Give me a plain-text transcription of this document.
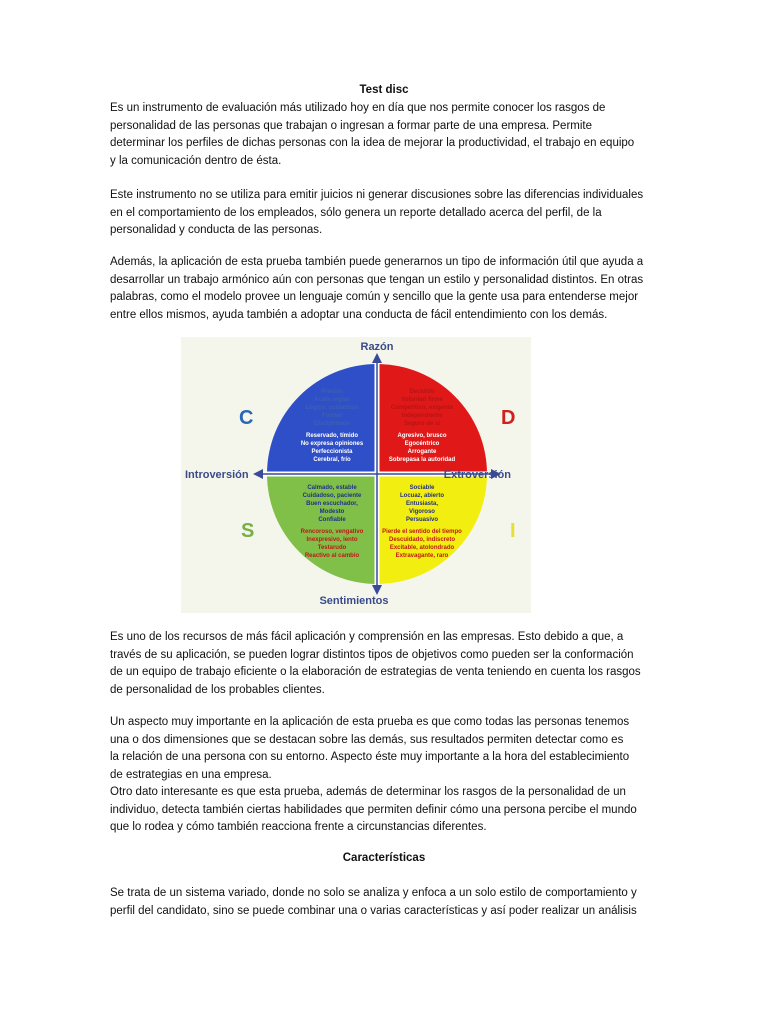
Test disc

Es un instrumento de evaluación más utilizado hoy en día que nos permite conocer los rasgos de
personalidad de las personas que trabajan o ingresan a formar parte de una empresa. Permite
determinar los perfiles de dichas personas con la idea de mejorar la productividad, el trabajo en equipo
y la comunicación dentro de ésta.

Este instrumento no se utiliza para emitir juicios ni generar discusiones sobre las diferencias individuales
en el comportamiento de los empleados, sólo genera un reporte detallado acerca del perfil, de la
personalidad y conducta de las personas.

Además, la aplicación de esta prueba también puede generarnos un tipo de información útil que ayuda a
desarrollar un trabajo armónico aún con personas que tengan un estilo y personalidad distintos. En otras
palabras, como el modelo provee un lenguaje común y sencillo que la gente usa para entenderse mejor
entre ellos mismos, ayuda también a adoptar una conducta de fácil entendimiento con los demás.

Es uno de los recursos de más fácil aplicación y comprensión en las empresas. Esto debido a que, a
través de su aplicación, se pueden lograr distintos tipos de objetivos como pueden ser la conformación
de un equipo de trabajo eficiente o la elaboración de estrategias de venta teniendo en cuenta los rasgos
de personalidad de los probables clientes.

Un aspecto muy importante en la aplicación de esta prueba es que como todas las personas tenemos
una o dos dimensiones que se destacan sobre las demás, sus resultados permiten detectar como es
la relación de una persona con su entorno. Aspecto éste muy importante a la hora del establecimiento
de estrategias en una empresa.
Otro dato interesante es que esta prueba, además de determinar los rasgos de la personalidad de un
individuo, detecta también ciertas habilidades que permiten definir cómo una persona percibe el mundo
que lo rodea y cómo también reacciona frente a circunstancias diferentes.

Características

Se trata de un sistema variado, donde no solo se analiza y enfoca a un solo estilo de comportamiento y
perfil del candidato, sino se puede combinar una o varias características y así poder realizar un análisis

Razón
Sentimientos
Introversión	Extroversión
C	D
S	I
Preciso
Acata reglas
Lógico, cuidadoso
Formal
Disciplinado
Reservado, tímido
No expresa opiniones
Perfeccionista
Cerebral, frío
Decidido
Voluntad firme
Competitivo, exigente
Independiente
Seguro de sí
Agresivo, brusco
Egocéntrico
Arrogante
Sobrepasa la autoridad
Calmado, estable
Cuidadoso, paciente
Buen escuchador,
Modesto
Confiable
Rencoroso, vengativo
Inexpresivo, lento
Testarudo
Reactivo al cambio
Sociable
Locuaz, abierto
Entusiasta,
Vigoroso
Persuasivo
Pierde el sentido del tiempo
Descuidado, indiscreto
Excitable, atolondrado
Extravagante, raro
